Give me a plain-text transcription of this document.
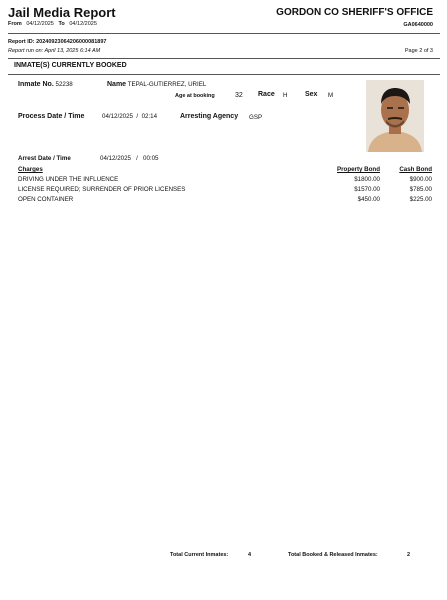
Jail Media Report
From 04/12/2025 To 04/12/2025
GORDON CO SHERIFF'S OFFICE
GA0640000
Report ID: 20240923064206000081897
Report run on: April 13, 2025 6:14 AM	Page 2 of 3
INMATE(S) CURRENTLY BOOKED
Inmate No. 52238	Name TEPAL-GUTIERREZ, URIEL
Age at booking	32 Race H	Sex M
Process Date / Time	04/12/2025  /  02:14	Arresting Agency GSP
Arrest Date / Time	04/12/2025   /   00:05
Charges	Property Bond	Cash Bond
DRIVING UNDER THE INFLUENCE	$1800.00	$900.00
LICENSE REQUIRED; SURRENDER OF PRIOR LICENSES	$1570.00	$785.00
OPEN CONTAINER	$450.00	$225.00
Total Current Inmates:	4	Total Booked & Released Inmates:	2
